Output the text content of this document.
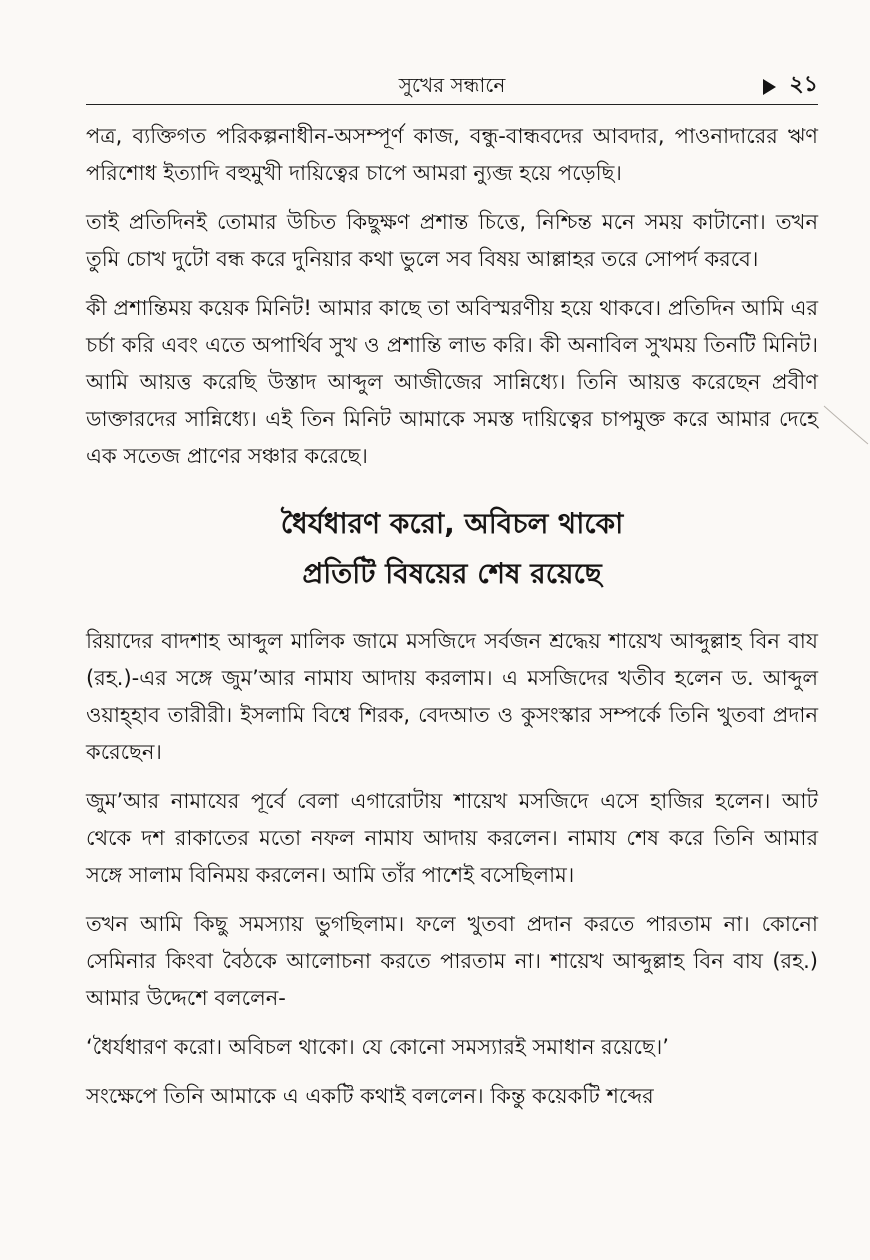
সুখের সন্ধানে	২১

পত্র, ব্যক্তিগত পরিকল্পনাধীন-অসম্পূর্ণ কাজ, বন্ধু-বান্ধবদের আবদার, পাওনাদারের ঋণ পরিশোধ ইত্যাদি বহুমুখী দায়িত্বের চাপে আমরা ন্যুব্জ হয়ে পড়েছি।

তাই প্রতিদিনই তোমার উচিত কিছুক্ষণ প্রশান্ত চিত্তে, নিশ্চিন্ত মনে সময় কাটানো। তখন তুমি চোখ দুটো বন্ধ করে দুনিয়ার কথা ভুলে সব বিষয় আল্লাহর তরে সোপর্দ করবে।

কী প্রশান্তিময় কয়েক মিনিট! আমার কাছে তা অবিস্মরণীয় হয়ে থাকবে। প্রতিদিন আমি এর চর্চা করি এবং এতে অপার্থিব সুখ ও প্রশান্তি লাভ করি। কী অনাবিল সুখময় তিনটি মিনিট। আমি আয়ত্ত করেছি উস্তাদ আব্দুল আজীজের সান্নিধ্যে। তিনি আয়ত্ত করেছেন প্রবীণ ডাক্তারদের সান্নিধ্যে। এই তিন মিনিট আমাকে সমস্ত দায়িত্বের চাপমুক্ত করে আমার দেহে এক সতেজ প্রাণের সঞ্চার করেছে।

ধৈর্যধারণ করো, অবিচল থাকো
প্রতিটি বিষয়ের শেষ রয়েছে

রিয়াদের বাদশাহ আব্দুল মালিক জামে মসজিদে সর্বজন শ্রদ্ধেয় শায়েখ আব্দুল্লাহ বিন বায (রহ.)-এর সঙ্গে জুম’আর নামায আদায় করলাম। এ মসজিদের খতীব হলেন ড. আব্দুল ওয়াহ্হাব তারীরী। ইসলামি বিশ্বে শিরক, বেদআত ও কুসংস্কার সম্পর্কে তিনি খুতবা প্রদান করেছেন।

জুম’আর নামাযের পূর্বে বেলা এগারোটায় শায়েখ মসজিদে এসে হাজির হলেন। আট থেকে দশ রাকাতের মতো নফল নামায আদায় করলেন। নামায শেষ করে তিনি আমার সঙ্গে সালাম বিনিময় করলেন। আমি তাঁর পাশেই বসেছিলাম।

তখন আমি কিছু সমস্যায় ভুগছিলাম। ফলে খুতবা প্রদান করতে পারতাম না। কোনো সেমিনার কিংবা বৈঠকে আলোচনা করতে পারতাম না। শায়েখ আব্দুল্লাহ বিন বায (রহ.) আমার উদ্দেশে বললেন-

‘ধৈর্যধারণ করো। অবিচল থাকো। যে কোনো সমস্যারই সমাধান রয়েছে।’

সংক্ষেপে তিনি আমাকে এ একটি কথাই বললেন। কিন্তু কয়েকটি শব্দের
